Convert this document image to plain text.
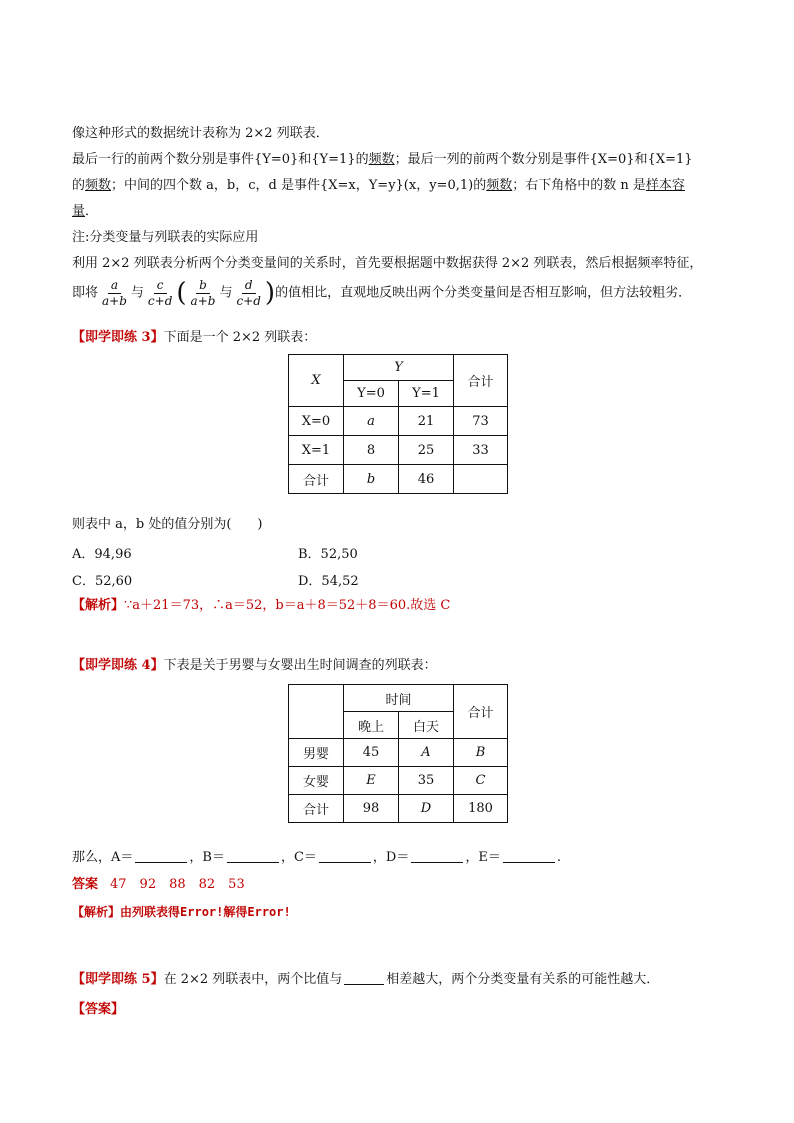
像这种形式的数据统计表称为 2×2 列联表．
最后一行的前两个数分别是事件{Y=0}和{Y=1}的频数；最后一列的前两个数分别是事件{X=0}和{X=1}
的频数；中间的四个数 a，b，c，d 是事件{X=x，Y=y}(x，y=0,1)的频数；右下角格中的数 n 是样本容
量．
注:分类变量与列联表的实际应用
利用 2×2 列联表分析两个分类变量间的关系时，首先要根据题中数据获得 2×2 列联表，然后根据频率特征，
即将 $\frac{a}{a+b}$ 与 $\frac{c}{c+d}$ ( $\frac{b}{a+b}$ 与 $\frac{d}{c+d}$ )的值相比，直观地反映出两个分类变量间是否相互影响，但方法较粗劣．
【即学即练 3】下面是一个 2×2 列联表：
X	Y		合计
	Y=0	Y=1	
X=0	a	21	73
X=1	8	25	33
合计	b	46	
则表中 a，b 处的值分别为(　　)
A．94,96	B．52,50
C．52,60	D．54,52
【解析】∵a＋21＝73，∴a＝52，b＝a＋8＝52＋8＝60.故选 C
【即学即练 4】下表是关于男婴与女婴出生时间调查的列联表：
	时间		合计
	晚上	白天	
男婴	45	A	B
女婴	E	35	C
合计	98	D	180
那么，A＝	，B＝	，C＝	，D＝	，E＝	.
答案 47　92　88　82　53
【解析】由列联表得Error!解得Error!
【即学即练 5】在 2×2 列联表中，两个比值与	相差越大，两个分类变量有关系的可能性越大．
【答案】
